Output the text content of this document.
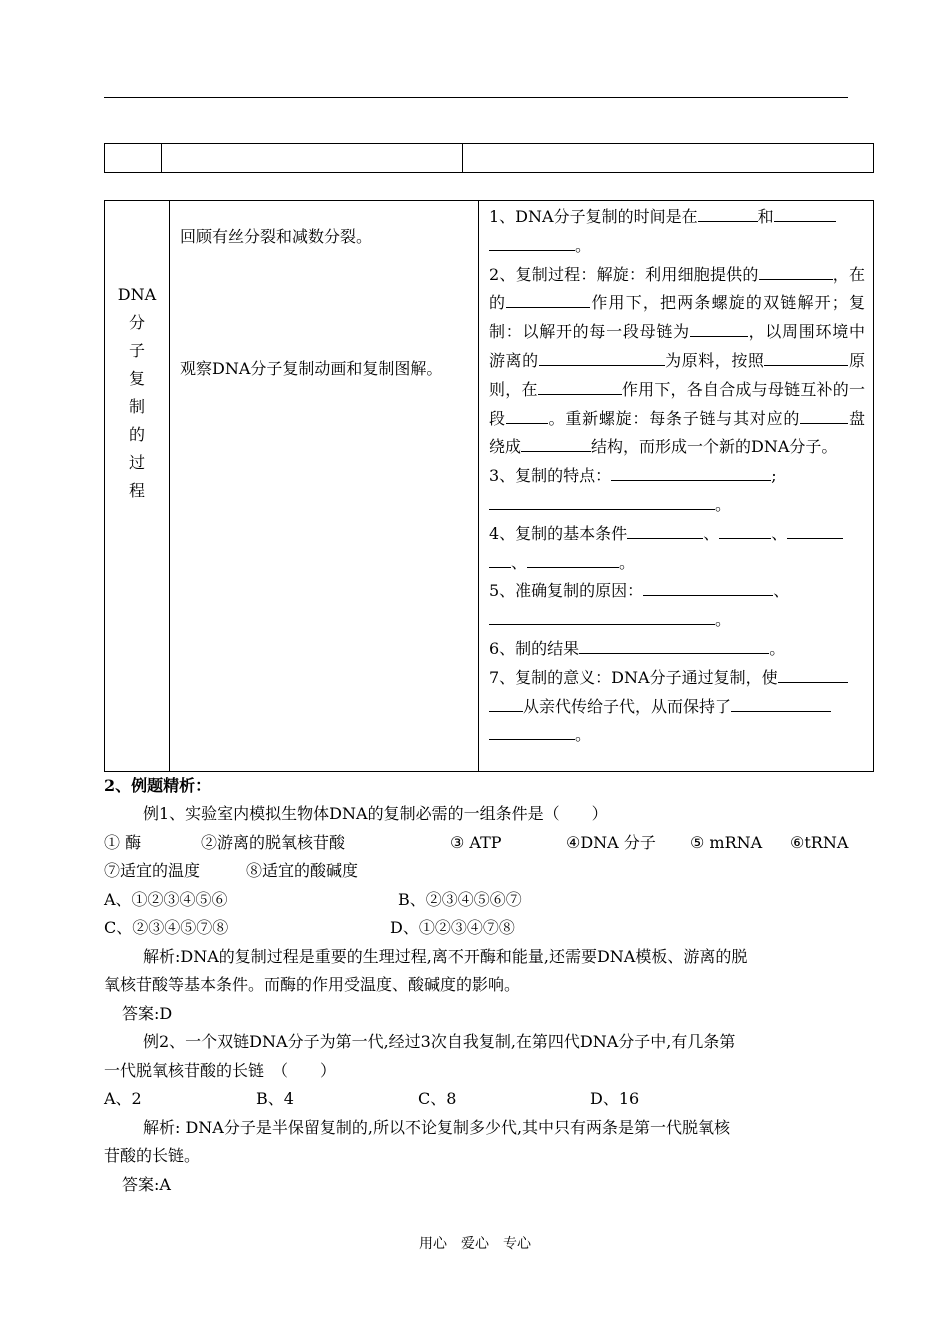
DNA
分
子
复
制
的
过
程

回顾有丝分裂和减数分裂。

观察DNA分子复制动画和复制图解。

1、DNA分子复制的时间是在	和
。

2、复制过程：解旋：利用细胞提供的	，在的	作用下，把两条螺旋的双链解开；复制：以解开的每一段母链为	，以周围环境中游离的	为原料，按照	原则，在	作用下，各自合成与母链互补的一段	。重新螺旋：每条子链与其对应的	盘绕成	结构，而形成一个新的DNA分子。

3、复制的特点：	;
。

4、复制的基本条件	、	、
、	。

5、准确复制的原因：	、
。

6、制的结果	。

7、复制的意义：DNA分子通过复制，使
从亲代传给子代，从而保持了
。

2、例题精析：

例1、实验室内模拟生物体DNA的复制必需的一组条件是（　　）

① 酶	②游离的脱氧核苷酸	③ ATP	④DNA 分子 ⑤ mRNA ⑥tRNA
⑦适宜的温度	⑧适宜的酸碱度
A、①②③④⑤⑥	B、②③④⑤⑥⑦
C、②③④⑤⑦⑧	D、①②③④⑦⑧

解析:DNA的复制过程是重要的生理过程,离不开酶和能量,还需要DNA模板、游离的脱

氧核苷酸等基本条件。而酶的作用受温度、酸碱度的影响。

答案:D

例2、一个双链DNA分子为第一代,经过3次自我复制,在第四代DNA分子中,有几条第

一代脱氧核苷酸的长链　（　　）

A、2	B、4	C、8	D、16

解析: DNA分子是半保留复制的,所以不论复制多少代,其中只有两条是第一代脱氧核

苷酸的长链。

答案:A

用心　爱心　专心
